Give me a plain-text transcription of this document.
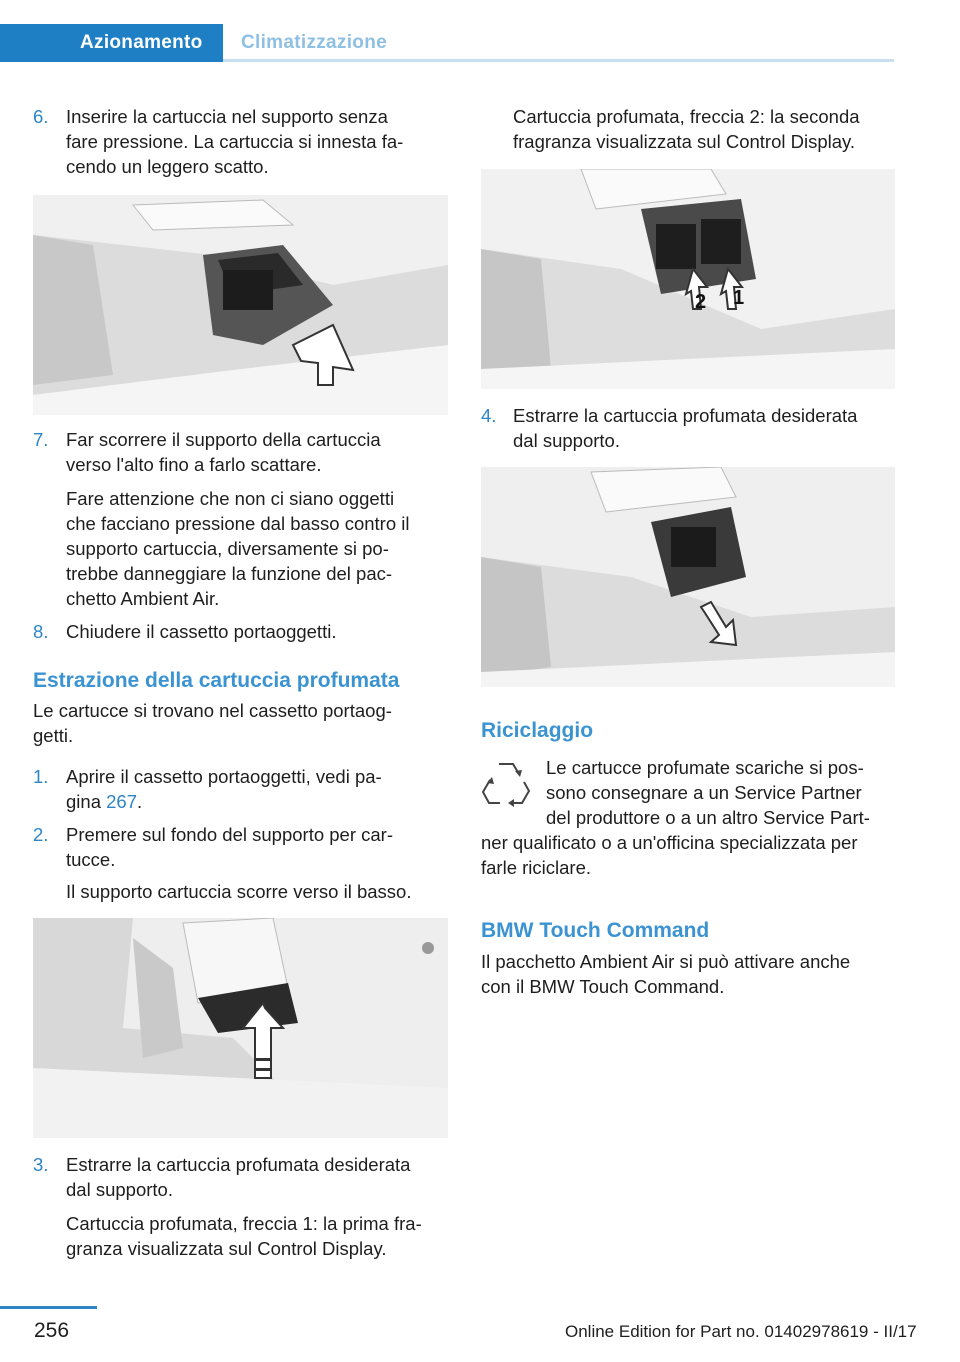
Azionamento Climatizzazione
6. Inserire la cartuccia nel supporto senza

fare pressione. La cartuccia si innesta fa‐

cendo un leggero scatto.

7. Far scorrere il supporto della cartuccia

verso l'alto fino a farlo scattare.

Fare attenzione che non ci siano oggetti

che facciano pressione dal basso contro il

supporto cartuccia, diversamente si po‐

trebbe danneggiare la funzione del pac‐

chetto Ambient Air.

8. Chiudere il cassetto portaoggetti.

Estrazione della cartuccia profumata

Le cartucce si trovano nel cassetto portaog‐

getti.

1. Aprire il cassetto portaoggetti, vedi pa‐

gina 267.

2. Premere sul fondo del supporto per car‐

tucce.

Il supporto cartuccia scorre verso il basso.

3. Estrarre la cartuccia profumata desiderata

dal supporto.

Cartuccia profumata, freccia 1: la prima fra‐

granza visualizzata sul Control Display.

Cartuccia profumata, freccia 2: la seconda

fragranza visualizzata sul Control Display.

2 1
4. Estrarre la cartuccia profumata desiderata

dal supporto.

Riciclaggio

Le cartucce profumate scariche si pos‐

sono consegnare a un Service Partner

del produttore o a un altro Service Part‐

ner qualificato o a un'officina specializzata per

farle riciclare.

BMW Touch Command

Il pacchetto Ambient Air si può attivare anche

con il BMW Touch Command.

256	Online Edition for Part no. 01402978619 - II/17
